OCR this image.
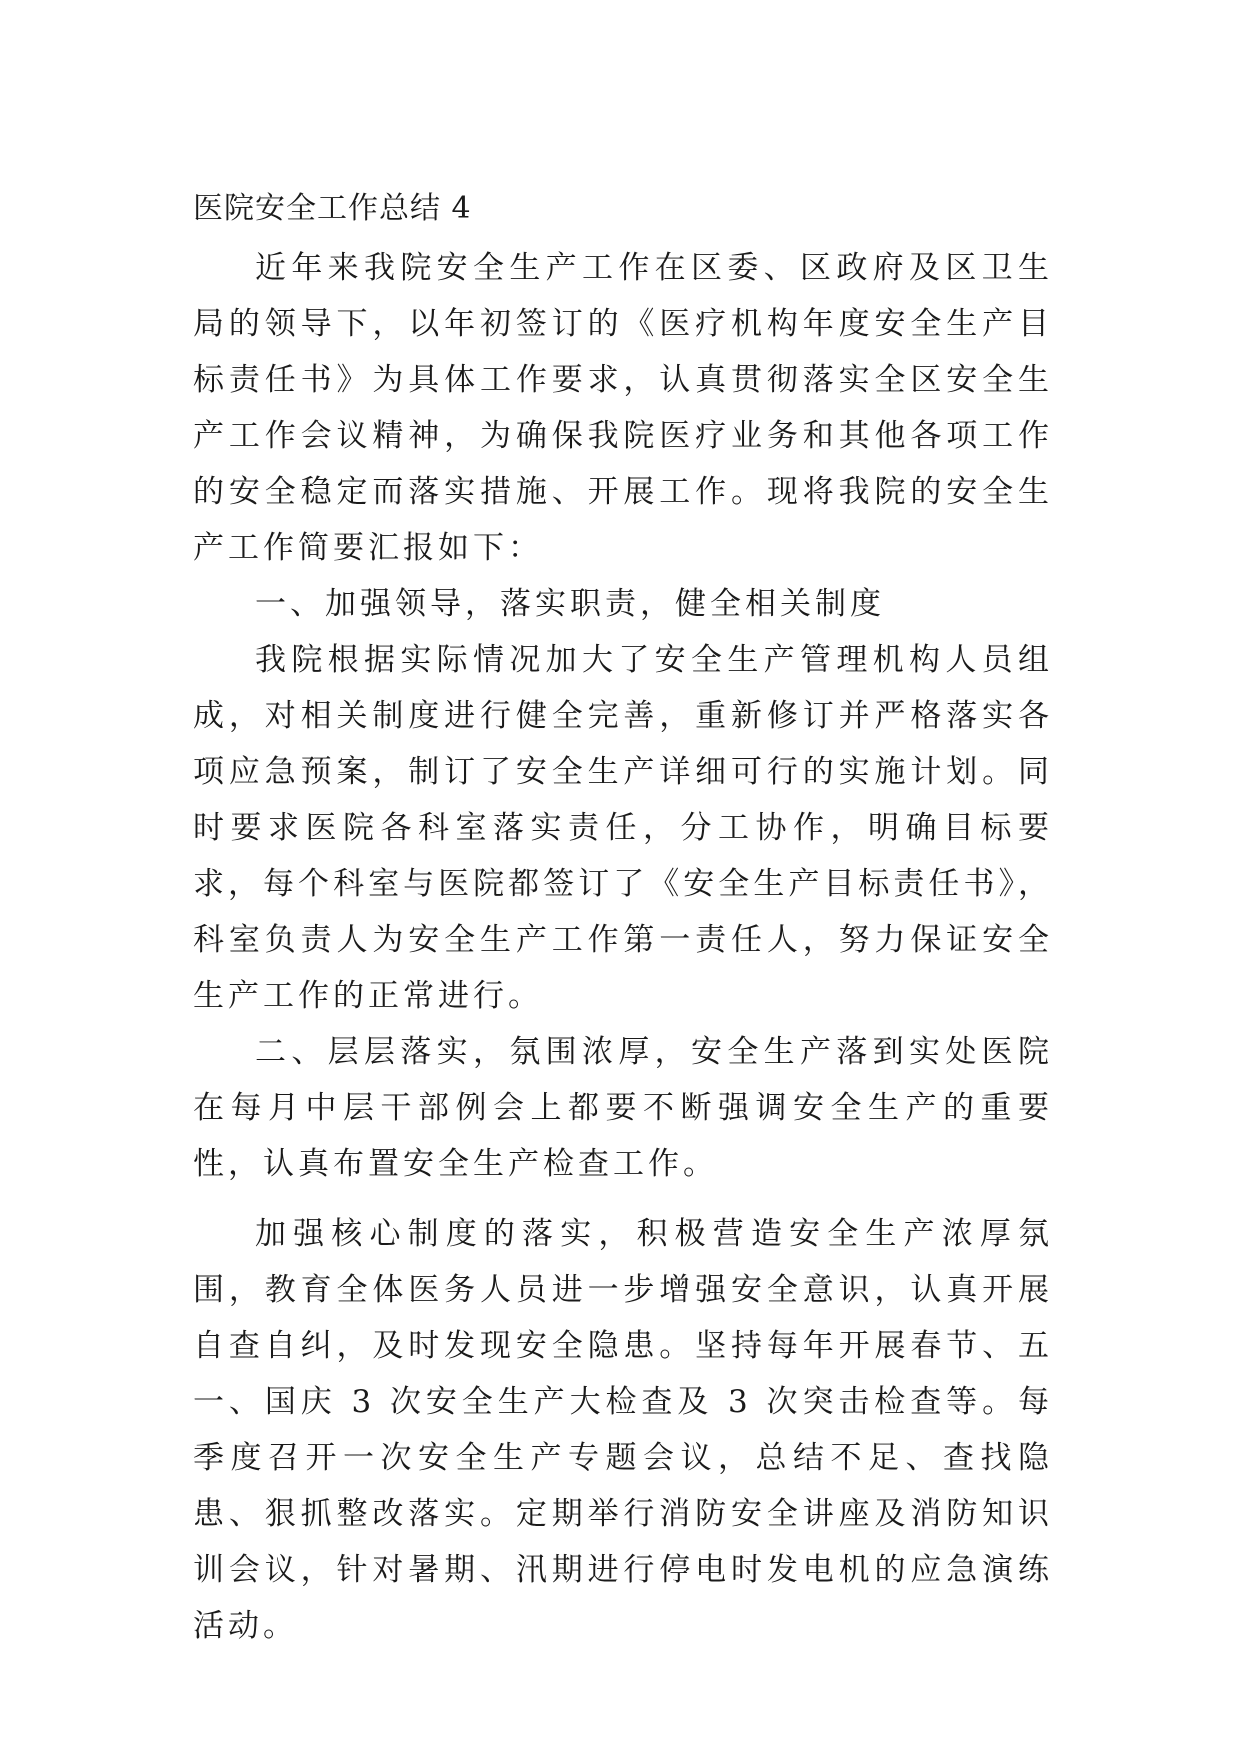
医院安全工作总结 4

近年来我院安全生产工作在区委、区政府及区卫生局的领导下，以年初签订的《医疗机构年度安全生产目标责任书》为具体工作要求，认真贯彻落实全区安全生产工作会议精神，为确保我院医疗业务和其他各项工作的安全稳定而落实措施、开展工作。现将我院的安全生产工作简要汇报如下：

一、加强领导，落实职责，健全相关制度

我院根据实际情况加大了安全生产管理机构人员组成，对相关制度进行健全完善，重新修订并严格落实各项应急预案，制订了安全生产详细可行的实施计划。同时要求医院各科室落实责任，分工协作，明确目标要求，每个科室与医院都签订了《安全生产目标责任书》，科室负责人为安全生产工作第一责任人，努力保证安全生产工作的正常进行。

二、层层落实，氛围浓厚，安全生产落到实处医院在每月中层干部例会上都要不断强调安全生产的重要性，认真布置安全生产检查工作。

加强核心制度的落实，积极营造安全生产浓厚氛围，教育全体医务人员进一步增强安全意识，认真开展自查自纠，及时发现安全隐患。坚持每年开展春节、五一、国庆 3 次安全生产大检查及 3 次突击检查等。每季度召开一次安全生产专题会议，总结不足、查找隐患、狠抓整改落实。定期举行消防安全讲座及消防知识训会议，针对暑期、汛期进行停电时发电机的应急演练活动。
